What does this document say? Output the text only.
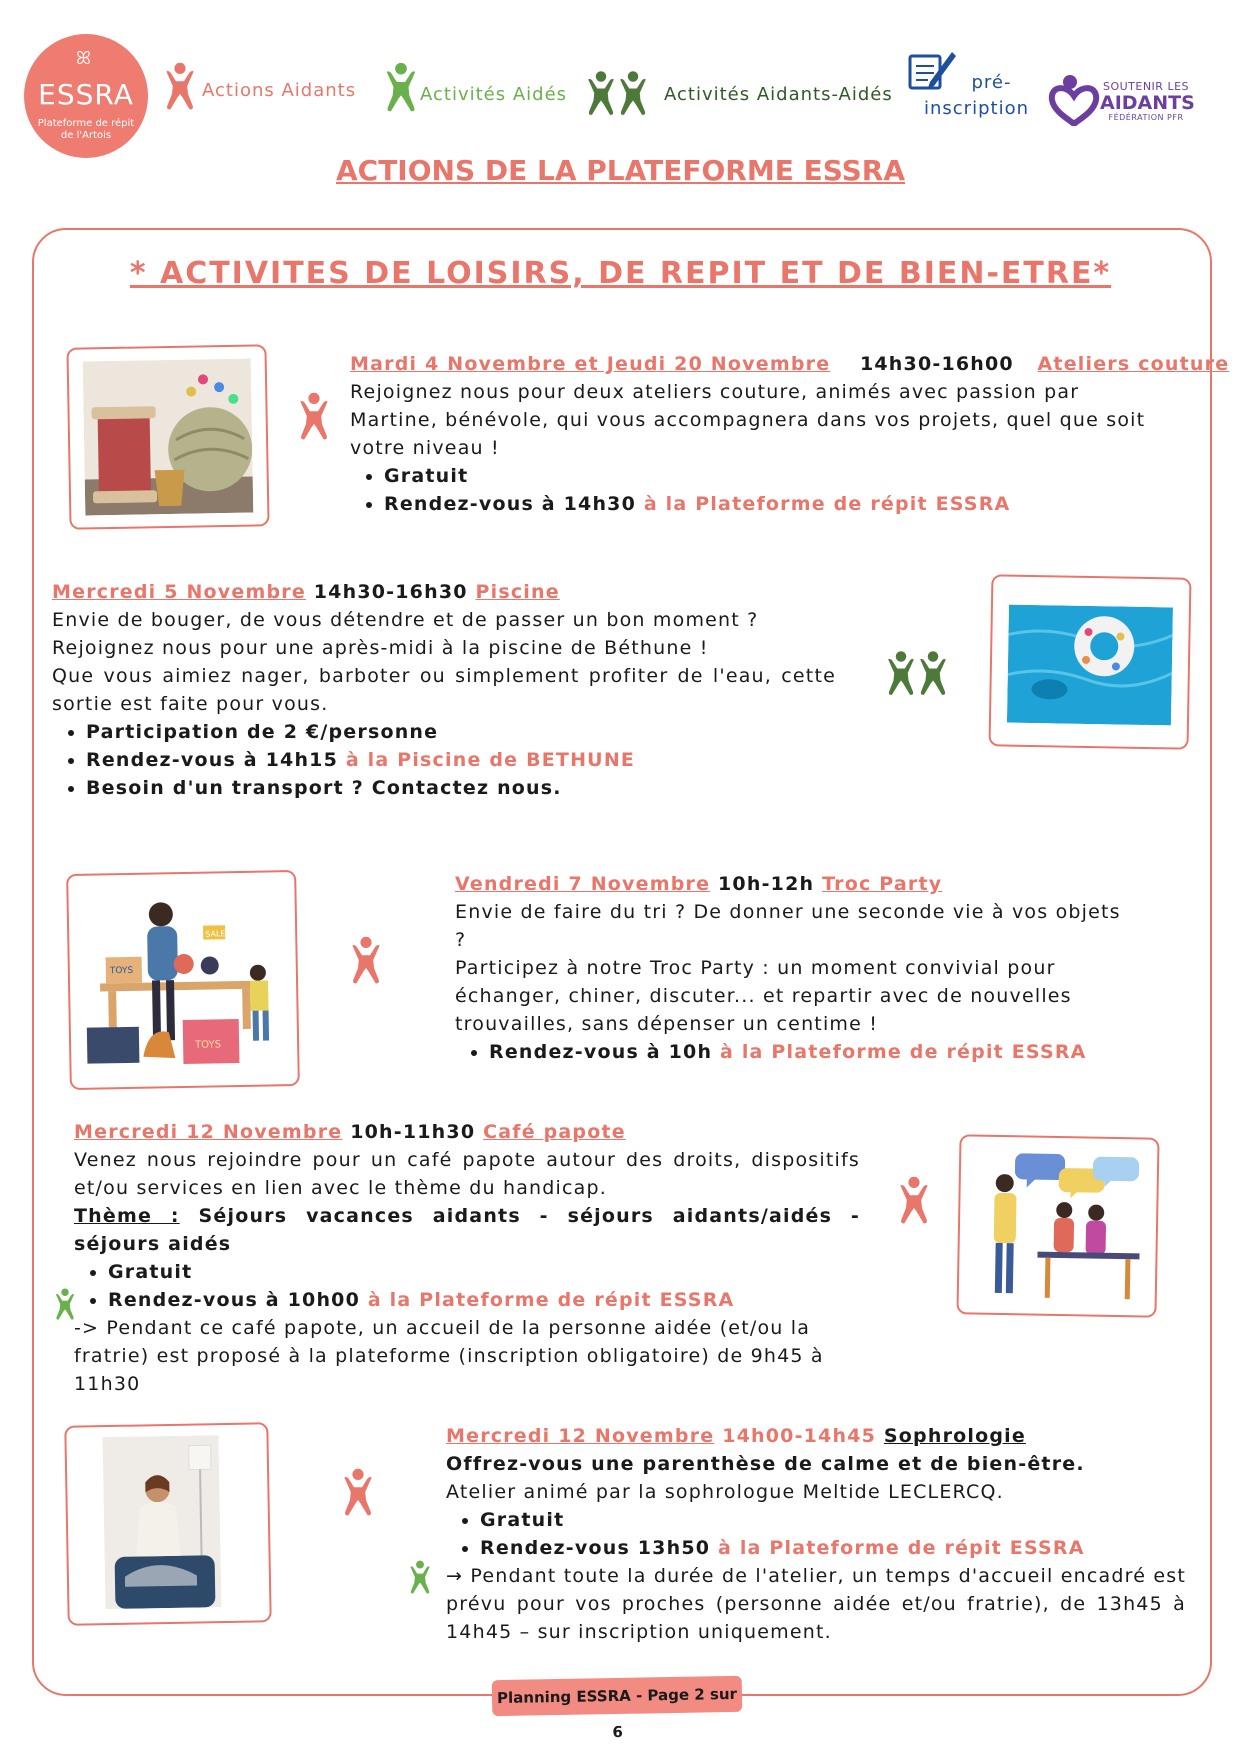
ꕤ
ESSRA
Plateforme de répit
de l'Artois
Actions Aidants	Activités Aidés	Activités Aidants-Aidés
pré-
inscription
SOUTENIR LES
AIDANTS
FÉDÉRATION PFR
ACTIONS DE LA PLATEFORME ESSRA
* ACTIVITES DE LOISIRS, DE REPIT ET DE BIEN-ETRE*
Mardi 4 Novembre et Jeudi 20 Novembre 14h30-16h00 Ateliers couture
Rejoignez nous pour deux ateliers couture, animés avec passion par Martine, bénévole, qui vous accompagnera dans vos projets, quel que soit votre niveau !
• Gratuit
• Rendez-vous à 14h30 à la Plateforme de répit ESSRA
Mercredi 5 Novembre 14h30-16h30 Piscine
Envie de bouger, de vous détendre et de passer un bon moment ?
Rejoignez nous pour une après-midi à la piscine de Béthune !
Que vous aimiez nager, barboter ou simplement profiter de l'eau, cette sortie est faite pour vous.
• Participation de 2 €/personne
• Rendez-vous à 14h15 à la Piscine de BETHUNE
• Besoin d'un transport ? Contactez nous.
TOYS
SALE
TOYS
Vendredi 7 Novembre 10h-12h Troc Party
Envie de faire du tri ? De donner une seconde vie à vos objets ?
Participez à notre Troc Party : un moment convivial pour échanger, chiner, discuter... et repartir avec de nouvelles trouvailles, sans dépenser un centime !
• Rendez-vous à 10h à la Plateforme de répit ESSRA
Mercredi 12 Novembre 10h-11h30 Café papote
Venez nous rejoindre pour un café papote autour des droits, dispositifs et/ou services en lien avec le thème du handicap.
Thème : Séjours vacances aidants - séjours aidants/aidés - séjours aidés
• Gratuit
• Rendez-vous à 10h00 à la Plateforme de répit ESSRA
-> Pendant ce café papote, un accueil de la personne aidée (et/ou la fratrie) est proposé à la plateforme (inscription obligatoire) de 9h45 à 11h30
Mercredi 12 Novembre 14h00-14h45 Sophrologie
Offrez-vous une parenthèse de calme et de bien-être.
Atelier animé par la sophrologue Meltide LECLERCQ.
• Gratuit
• Rendez-vous 13h50 à la Plateforme de répit ESSRA
→ Pendant toute la durée de l'atelier, un temps d'accueil encadré est prévu pour vos proches (personne aidée et/ou fratrie), de 13h45 à 14h45 – sur inscription uniquement.
Planning ESSRA - Page 2 sur 6
